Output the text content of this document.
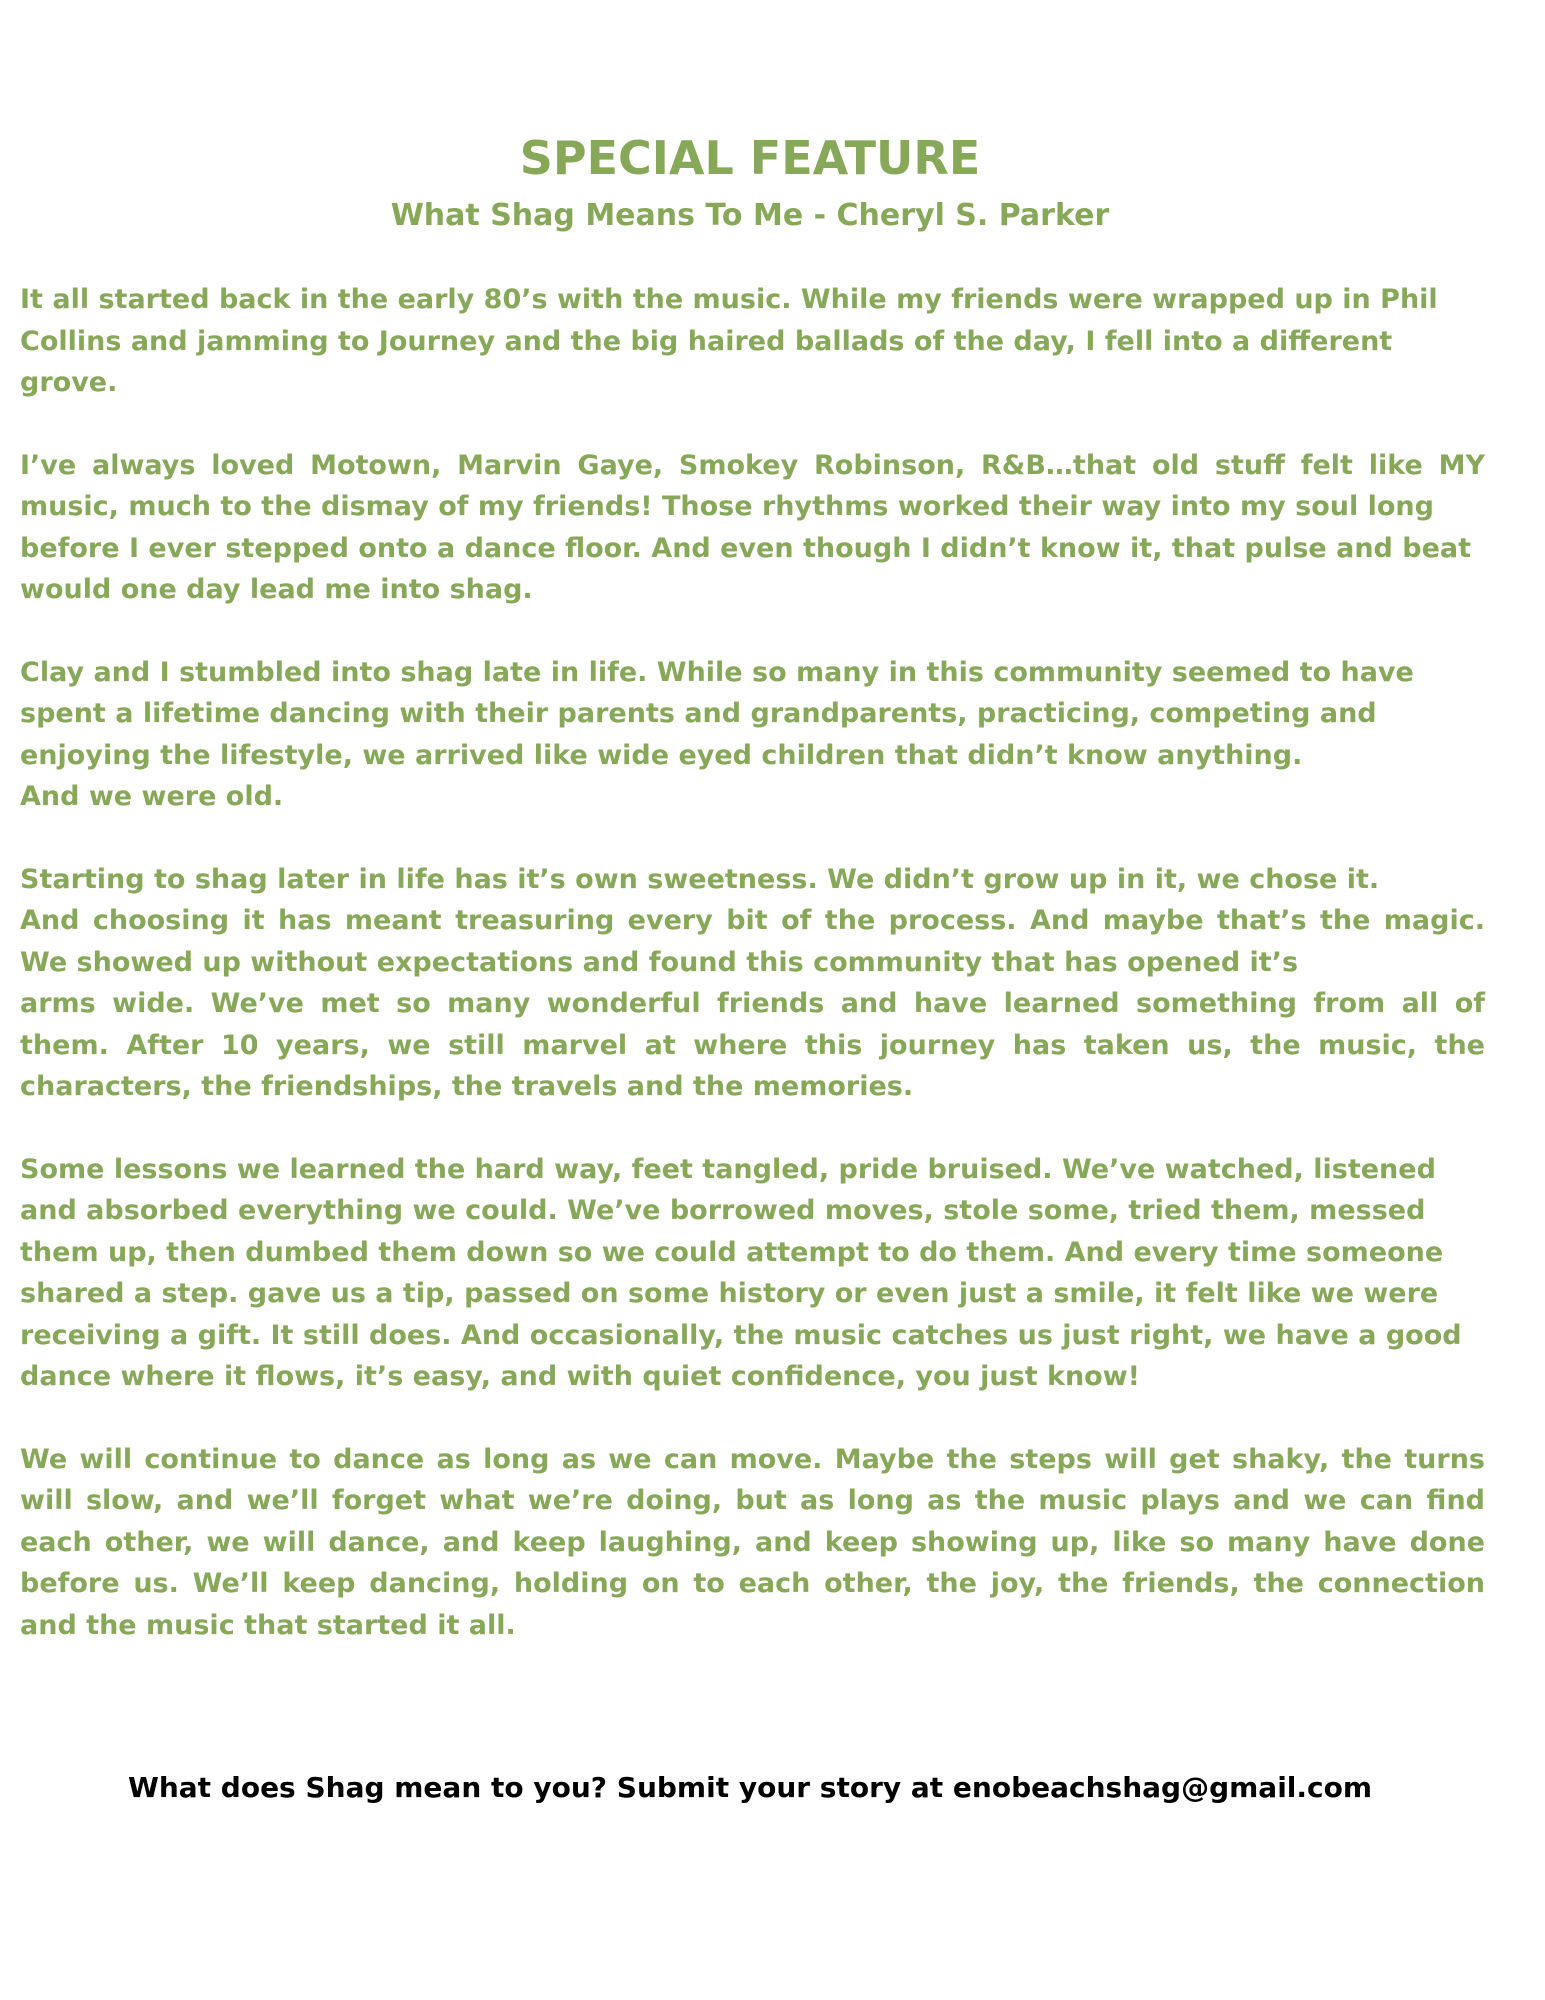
SPECIAL FEATURE
What Shag Means To Me - Cheryl S. Parker

It all started back in the early 80’s with the music. While my friends were wrapped up in Phil
Collins and jamming to Journey and the big haired ballads of the day, I fell into a different
grove.

I’ve always loved Motown, Marvin Gaye, Smokey Robinson, R&B…that old stuff felt like MY
music, much to the dismay of my friends! Those rhythms worked their way into my soul long
before I ever stepped onto a dance floor. And even though I didn’t know it, that pulse and beat
would one day lead me into shag.

Clay and I stumbled into shag late in life. While so many in this community seemed to have
spent a lifetime dancing with their parents and grandparents, practicing, competing and
enjoying the lifestyle, we arrived like wide eyed children that didn’t know anything.
And we were old.

Starting to shag later in life has it’s own sweetness. We didn’t grow up in it, we chose it.
And choosing it has meant treasuring every bit of the process. And maybe that’s the magic.
We showed up without expectations and found this community that has opened it’s
arms wide. We’ve met so many wonderful friends and have learned something from all of
them. After 10 years, we still marvel at where this journey has taken us, the music, the
characters, the friendships, the travels and the memories.

Some lessons we learned the hard way, feet tangled, pride bruised. We’ve watched, listened
and absorbed everything we could. We’ve borrowed moves, stole some, tried them, messed
them up, then dumbed them down so we could attempt to do them. And every time someone
shared a step. gave us a tip, passed on some history or even just a smile, it felt like we were
receiving a gift. It still does. And occasionally, the music catches us just right, we have a good
dance where it flows, it’s easy, and with quiet confidence, you just know!

We will continue to dance as long as we can move. Maybe the steps will get shaky, the turns
will slow, and we’ll forget what we’re doing, but as long as the music plays and we can find
each other, we will dance, and keep laughing, and keep showing up, like so many have done
before us. We’ll keep dancing, holding on to each other, the joy, the friends, the connection
and the music that started it all.

What does Shag mean to you? Submit your story at enobeachshag@gmail.com
